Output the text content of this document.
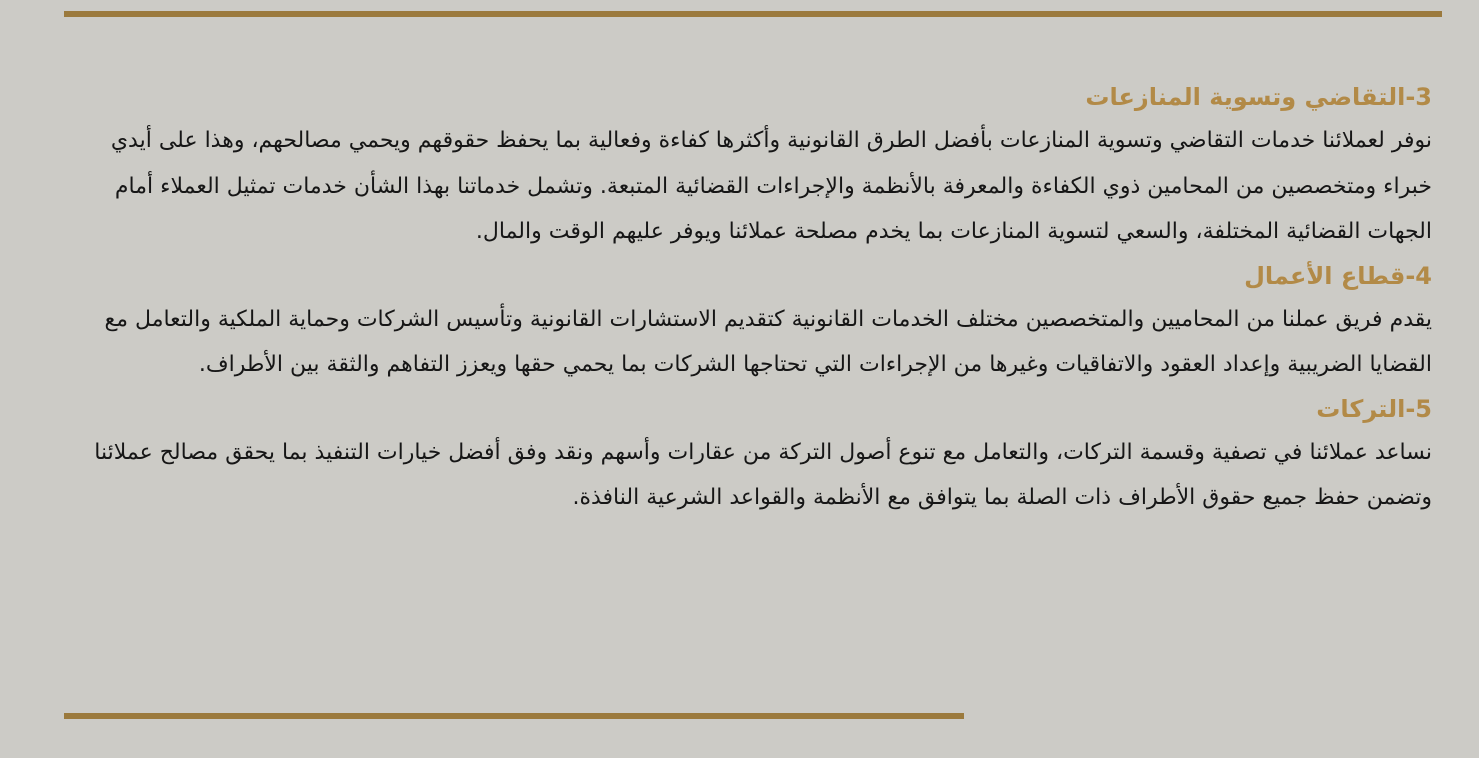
3-التقاضي وتسوية المنازعات

نوفر لعملائنا خدمات التقاضي وتسوية المنازعات بأفضل الطرق القانونية وأكثرها كفاءة وفعالية بما يحفظ حقوقهم ويحمي مصالحهم، وهذا على أيدي خبراء ومتخصصين من المحامين ذوي الكفاءة والمعرفة بالأنظمة والإجراءات القضائية المتبعة. وتشمل خدماتنا بهذا الشأن خدمات تمثيل العملاء أمام الجهات القضائية المختلفة، والسعي لتسوية المنازعات بما يخدم مصلحة عملائنا ويوفر عليهم الوقت والمال.

4-قطاع الأعمال

يقدم فريق عملنا من المحاميين والمتخصصين مختلف الخدمات القانونية كتقديم الاستشارات القانونية وتأسيس الشركات وحماية الملكية والتعامل مع القضايا الضريبية وإعداد العقود والاتفاقيات وغيرها من الإجراءات التي تحتاجها الشركات بما يحمي حقها ويعزز التفاهم والثقة بين الأطراف.

5-التركات

نساعد عملائنا في تصفية وقسمة التركات، والتعامل مع تنوع أصول التركة من عقارات وأسهم ونقد وفق أفضل خيارات التنفيذ بما يحقق مصالح عملائنا وتضمن حفظ جميع حقوق الأطراف ذات الصلة بما يتوافق مع الأنظمة والقواعد الشرعية النافذة.
